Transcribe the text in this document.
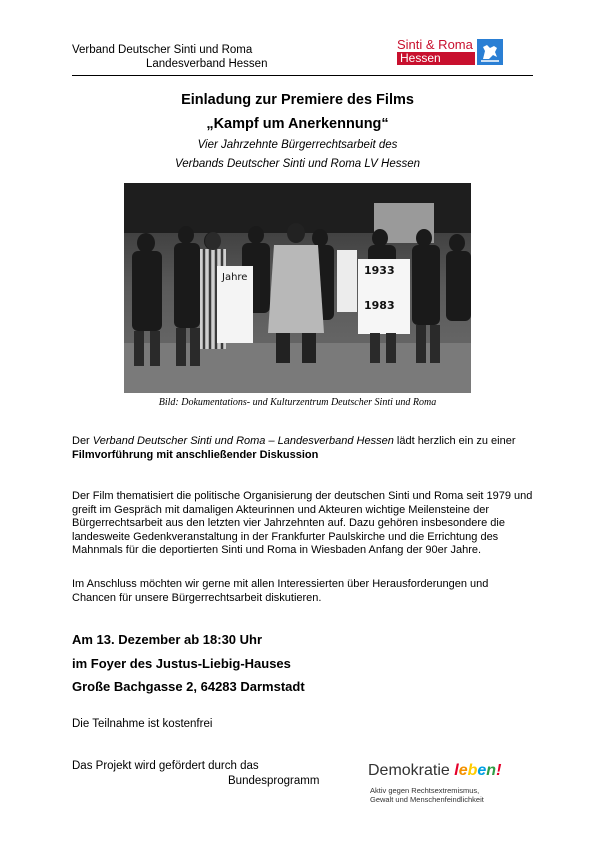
Verband Deutscher Sinti und Roma
Landesverband Hessen
Sinti & Roma
Hessen
Einladung zur Premiere des Films
„Kampf um Anerkennung“
Vier Jahrzehnte Bürgerrechtsarbeit des
Verbands Deutscher Sinti und Roma LV Hessen
Jahre
1933
1983
Bild: Dokumentations- und Kulturzentrum Deutscher Sinti und Roma
Der Verband Deutscher Sinti und Roma – Landesverband Hessen lädt herzlich ein zu einer Filmvorführung mit anschließender Diskussion
Der Film thematisiert die politische Organisierung der deutschen Sinti und Roma seit 1979 und greift im Gespräch mit damaligen Akteurinnen und Akteuren wichtige Meilensteine der Bürgerrechtsarbeit aus den letzten vier Jahrzehnten auf. Dazu gehören insbesondere die landesweite Gedenkveranstaltung in der Frankfurter Paulskirche und die Errichtung des Mahnmals für die deportierten Sinti und Roma in Wiesbaden Anfang der 90er Jahre.
Im Anschluss möchten wir gerne mit allen Interessierten über Herausforderungen und Chancen für unsere Bürgerrechtsarbeit diskutieren.
Am 13. Dezember ab 18:30 Uhr
im Foyer des Justus-Liebig-Hauses
Große Bachgasse 2, 64283 Darmstadt
Die Teilnahme ist kostenfrei
Das Projekt wird gefördert durch das
Bundesprogramm
Demokratie leben!
Aktiv gegen Rechtsextremismus,
Gewalt und Menschenfeindlichkeit
